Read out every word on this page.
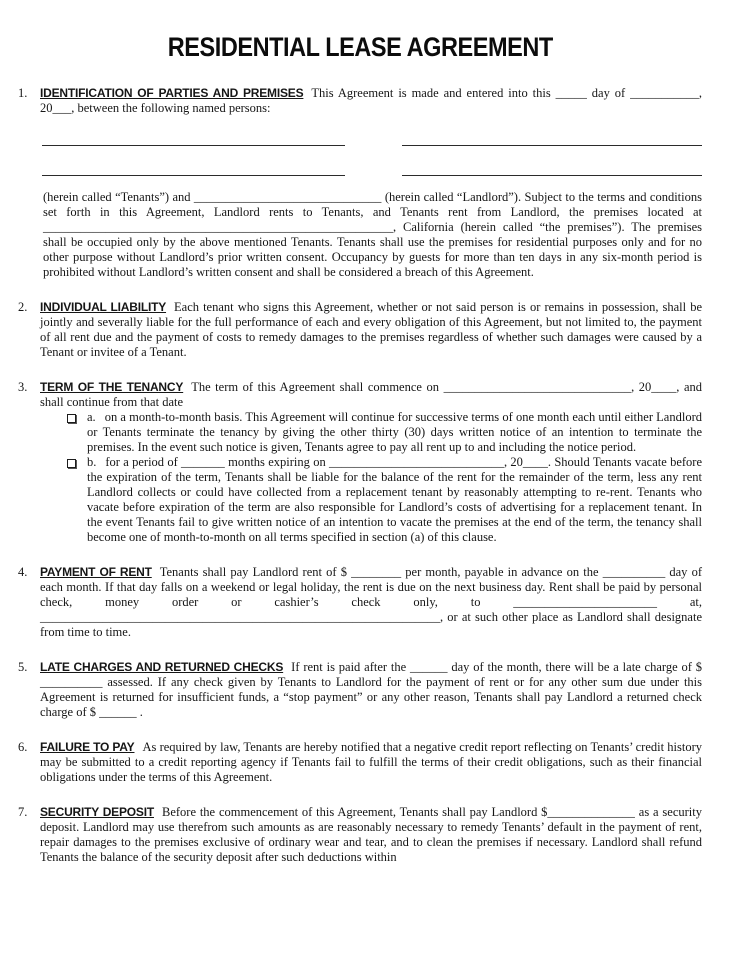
RESIDENTIAL LEASE AGREEMENT
1.	IDENTIFICATION OF PARTIES AND PREMISES This Agreement is made and entered into this _____ day of ___________, 20___, between the following named persons:

(herein called “Tenants”) and ______________________________ (herein called “Landlord”). Subject to the terms and conditions set forth in this Agreement, Landlord rents to Tenants, and Tenants rent from Landlord, the premises located at ________________________________________________________, California (herein called “the premises”). The premises shall be occupied only by the above mentioned Tenants. Tenants shall use the premises for residential purposes only and for no other purpose without Landlord’s prior written consent. Occupancy by guests for more than ten days in any six-month period is prohibited without Landlord’s written consent and shall be considered a breach of this Agreement.

2.	INDIVIDUAL LIABILITY Each tenant who signs this Agreement, whether or not said person is or remains in possession, shall be jointly and severally liable for the full performance of each and every obligation of this Agreement, but not limited to, the payment of all rent due and the payment of costs to remedy damages to the premises regardless of whether such damages were caused by a Tenant or invitee of a Tenant.

3.	TERM OF THE TENANCY The term of this Agreement shall commence on ______________________________, 20____, and shall continue from that date

a. on a month-to-month basis. This Agreement will continue for successive terms of one month each until either Landlord or Tenants terminate the tenancy by giving the other thirty (30) days written notice of an intention to terminate the premises. In the event such notice is given, Tenants agree to pay all rent up to and including the notice period.

b. for a period of _______ months expiring on ____________________________, 20____. Should Tenants vacate before the expiration of the term, Tenants shall be liable for the balance of the rent for the remainder of the term, less any rent Landlord collects or could have collected from a replacement tenant by reasonably attempting to re-rent. Tenants who vacate before expiration of the term are also responsible for Landlord’s costs of advertising for a replacement tenant. In the event Tenants fail to give written notice of an intention to vacate the premises at the end of the term, the tenancy shall become one of month-to-month on all terms specified in section (a) of this clause.

4.	PAYMENT OF RENT Tenants shall pay Landlord rent of $ ________ per month, payable in advance on the __________ day of each month. If that day falls on a weekend or legal holiday, the rent is due on the next business day. Rent shall be paid by personal check, money order or cashier’s check only, to _______________________ at, ________________________________________________________________, or at such other place as Landlord shall designate from time to time.

5.	LATE CHARGES AND RETURNED CHECKS If rent is paid after the ______ day of the month, there will be a late charge of $ __________ assessed. If any check given by Tenants to Landlord for the payment of rent or for any other sum due under this Agreement is returned for insufficient funds, a “stop payment” or any other reason, Tenants shall pay Landlord a returned check charge of $ ______ .

6.	FAILURE TO PAY As required by law, Tenants are hereby notified that a negative credit report reflecting on Tenants’ credit history may be submitted to a credit reporting agency if Tenants fail to fulfill the terms of their credit obligations, such as their financial obligations under the terms of this Agreement.

7.	SECURITY DEPOSIT Before the commencement of this Agreement, Tenants shall pay Landlord $______________ as a security deposit. Landlord may use therefrom such amounts as are reasonably necessary to remedy Tenants’ default in the payment of rent, repair damages to the premises exclusive of ordinary wear and tear, and to clean the premises if necessary. Landlord shall refund Tenants the balance of the security deposit after such deductions within
